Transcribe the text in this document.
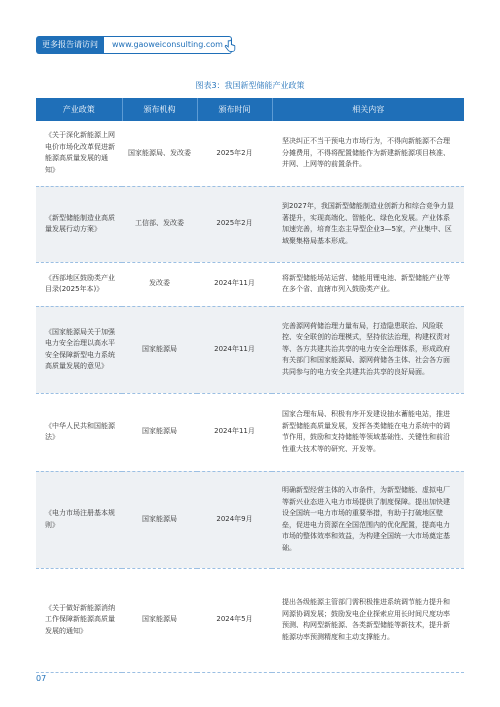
更多报告请访问	www.gaoweiconsulting.com
图表3：我国新型储能产业政策
产业政策	颁布机构	颁布时间	相关内容
《关于深化新能源上网电价市场化改革促进新能源高质量发展的通知》	国家能源局、发改委	2025年2月	坚决纠正不当干预电力市场行为，不得向新能源不合理分摊费用，不得将配置储能作为新建新能源项目核准、并网、上网等的前置条件。
《新型储能制造业高质量发展行动方案》	工信部、发改委	2025年2月	到2027年，我国新型储能制造业创新力和综合竞争力显著提升，实现高端化、智能化、绿色化发展。产业体系加速完善，培育生态主导型企业3—5家，产业集中、区域聚集格局基本形成。
《西部地区鼓励类产业目录(2025年本)》	发改委	2024年11月	将新型储能场站运营、储能用锂电池、新型储能产业等在多个省、直辖市列入鼓励类产业。
《国家能源局关于加强电力安全治理以高水平安全保障新型电力系统高质量发展的意见》	国家能源局	2024年11月	完善源网荷储治理力量布局，打造隐患联治、风险联控、安全联创的治理模式，坚持依法治理，构建权责对等、各方共建共治共享的电力安全治理体系，形成政府有关部门和国家能源局、源网荷储各主体、社会各方面共同参与的电力安全共建共治共享的良好局面。
《中华人民共和国能源法》	国家能源局	2024年11月	国家合理布局、积极有序开发建设抽水蓄能电站，推进新型储能高质量发展，发挥各类储能在电力系统中的调节作用，鼓励和支持储能等领域基础性、关键性和前沿性重大技术等的研究、开发等。
《电力市场注册基本规则》	国家能源局	2024年9月	明确新型经营主体的入市条件，为新型储能、虚拟电厂等新兴业态进入电力市场提供了制度保障。提出加快建设全国统一电力市场的重要举措，有助于打破地区壁垒，促进电力资源在全国范围内的优化配置，提高电力市场的整体效率和效益，为构建全国统一大市场奠定基础。
《关于做好新能源消纳工作保障新能源高质量发展的通知》	国家能源局	2024年5月	提出各级能源主管部门需积极推进系统调节能力提升和网源协调发展；鼓励发电企业探索应用长时间尺度功率预测、构网型新能源、各类新型储能等新技术，提升新能源功率预测精度和主动支撑能力。
07
